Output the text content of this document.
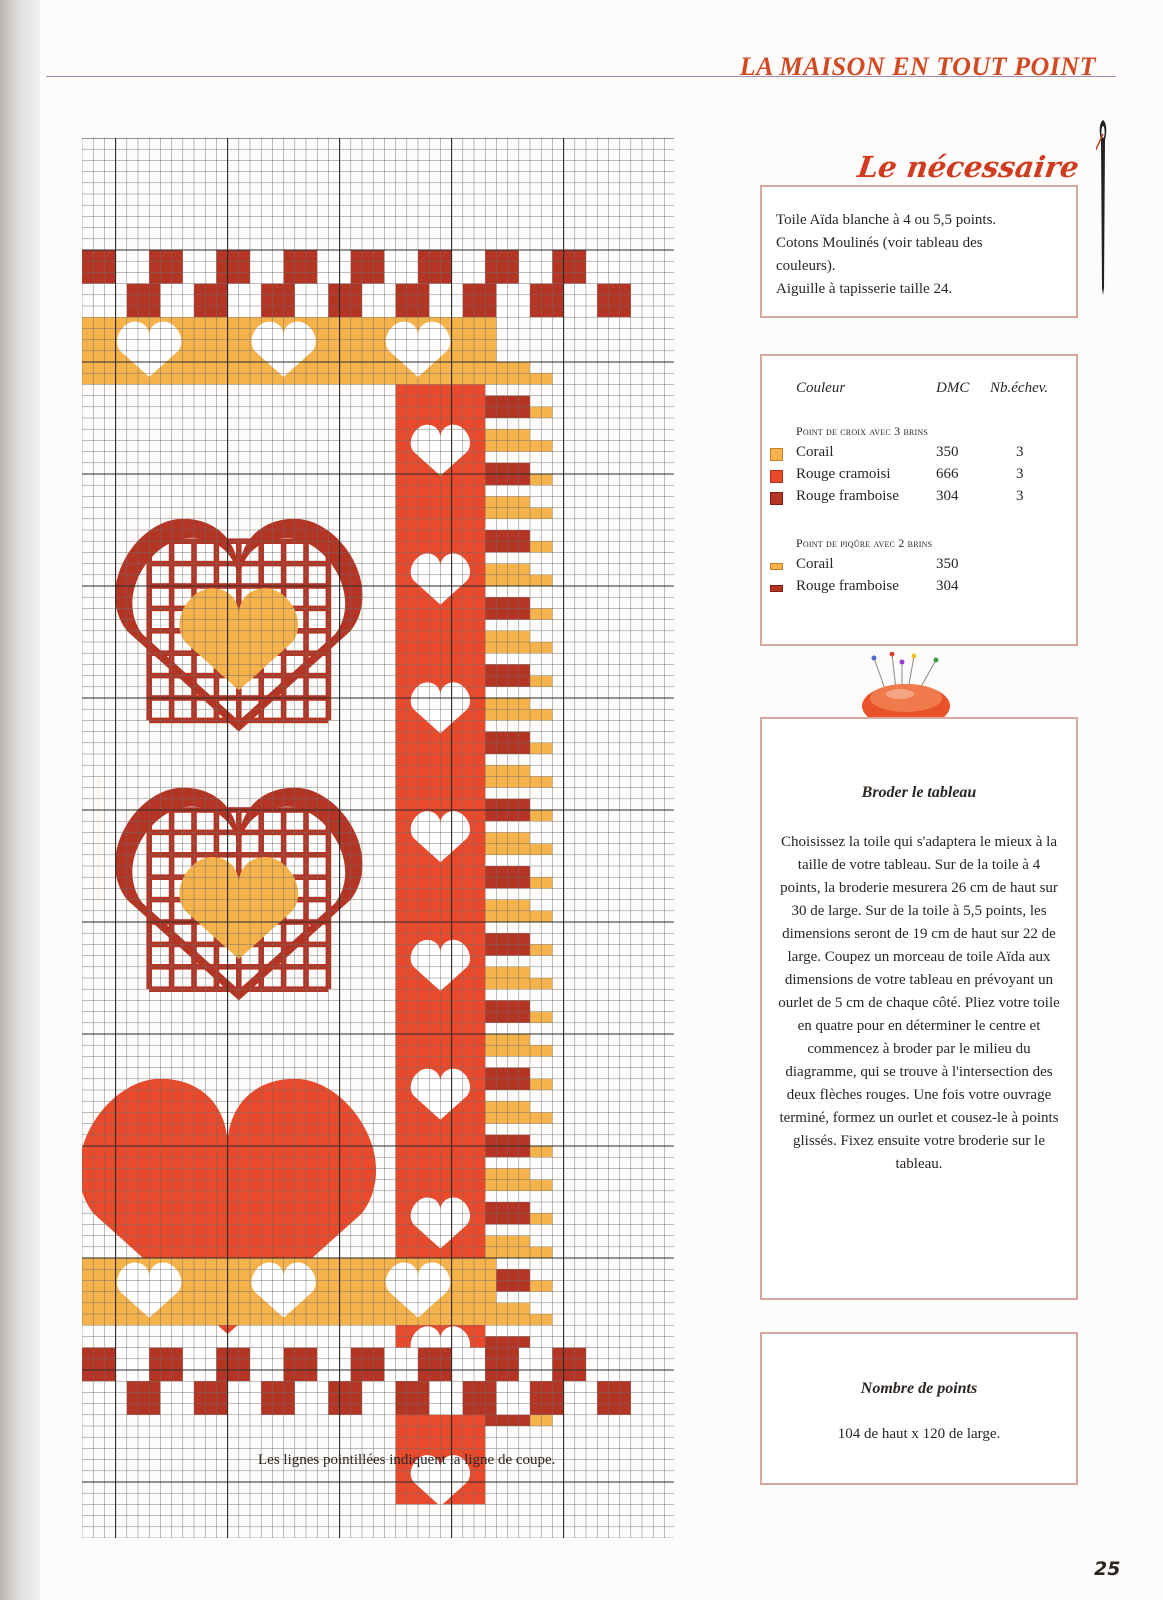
LA MAISON EN TOUT POINT

Les lignes pointillées indiquent la ligne de coupe.

Le nécessaire

Toile Aïda blanche à 4 ou 5,5 points.

Cotons Moulinés (voir tableau des

couleurs).

Aiguille à tapisserie taille 24.

Couleur	DMC Nb.échev.
Point de croix avec 3 brins
Corail	350	3
Rouge cramoisi	666	3
Rouge framboise 304	3
Point de piqûre avec 2 brins
Corail	350
Rouge framboise 304

Broder le tableau

Choisissez la toile qui s'adaptera le mieux à la taille de votre tableau. Sur de la toile à 4 points, la broderie mesurera 26 cm de haut sur 30 de large. Sur de la toile à 5,5 points, les dimensions seront de 19 cm de haut sur 22 de large. Coupez un morceau de toile Aïda aux dimensions de votre tableau en prévoyant un ourlet de 5 cm de chaque côté. Pliez votre toile en quatre pour en déterminer le centre et commencez à broder par le milieu du diagramme, qui se trouve à l'intersection des deux flèches rouges. Une fois votre ouvrage terminé, formez un ourlet et cousez-le à points glissés. Fixez ensuite votre broderie sur le tableau.

Nombre de points

104 de haut x 120 de large.

25
